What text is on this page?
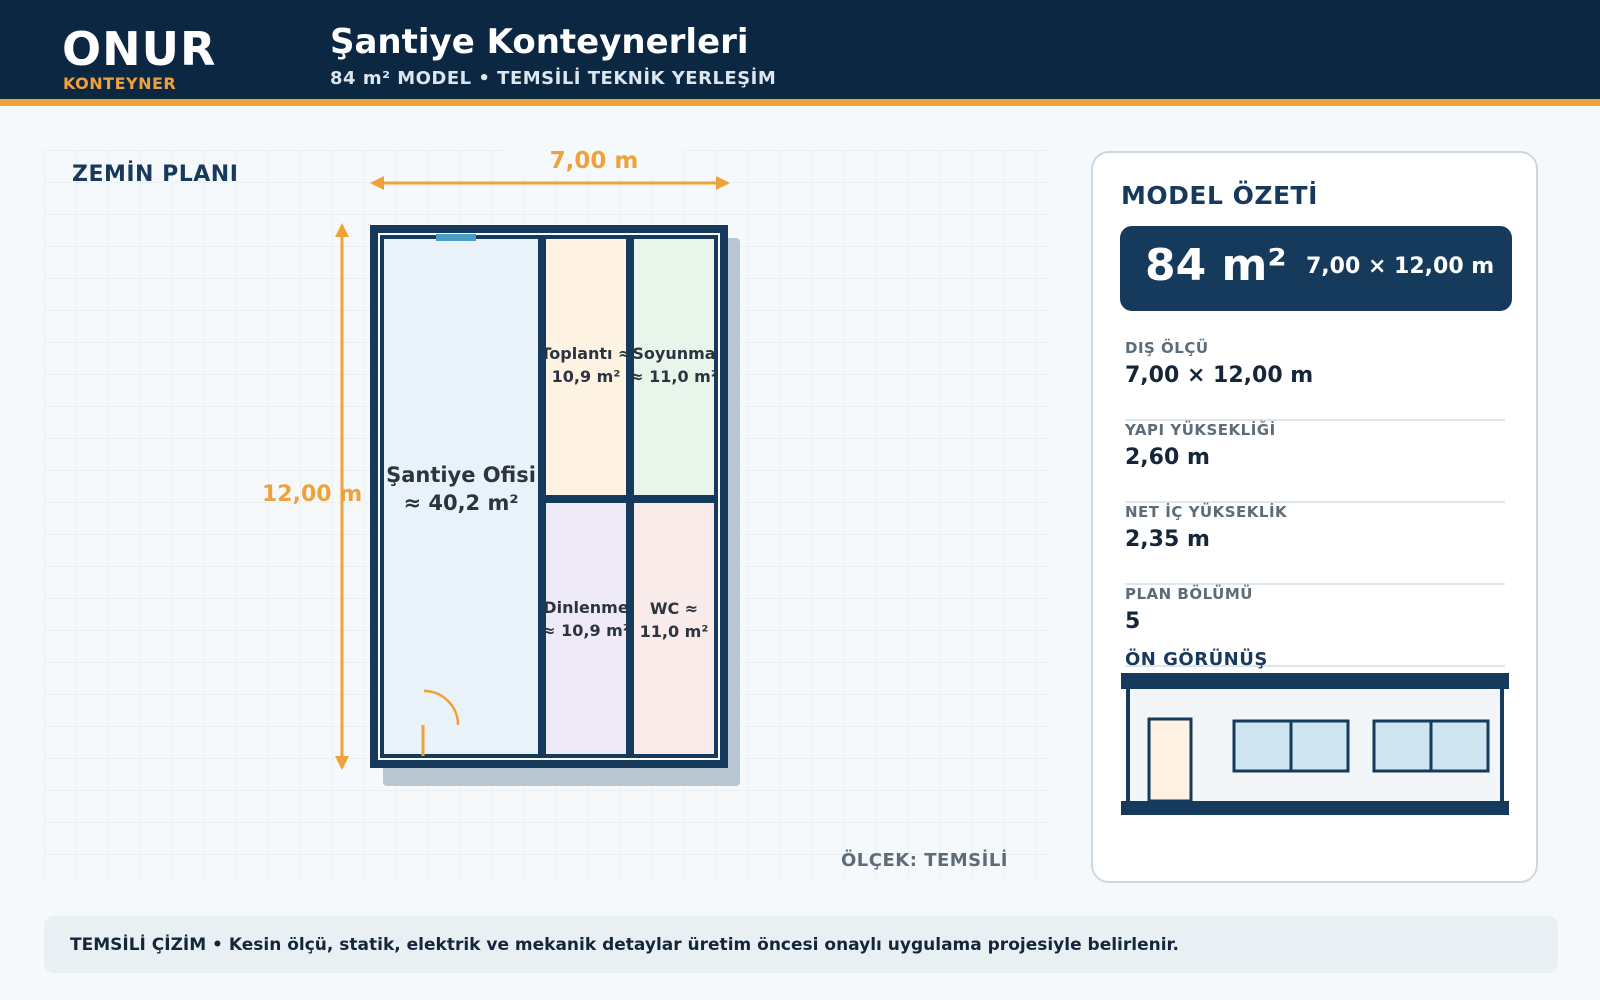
ONUR
KONTEYNER
Şantiye Konteynerleri
84 m² MODEL • TEMSİLİ TEKNİK YERLEŞİM
ZEMİN PLANI
7,00 m
12,00 m
Şantiye Ofisi ≈ 40,2 m²
Toplantı ≈ 10,9 m²
Soyunma ≈ 11,0 m²
Dinlenme ≈ 10,9 m²
WC ≈ 11,0 m²
ÖLÇEK: TEMSİLİ
MODEL ÖZETİ
84 m² 7,00 × 12,00 m
DIŞ ÖLÇÜ
7,00 × 12,00 m
YAPI YÜKSEKLİĞİ
2,60 m
NET İÇ YÜKSEKLİK
2,35 m
PLAN BÖLÜMÜ
5
ÖN GÖRÜNÜŞ
TEMSİLİ ÇİZİM • Kesin ölçü, statik, elektrik ve mekanik detaylar üretim öncesi onaylı uygulama projesiyle belirlenir.
